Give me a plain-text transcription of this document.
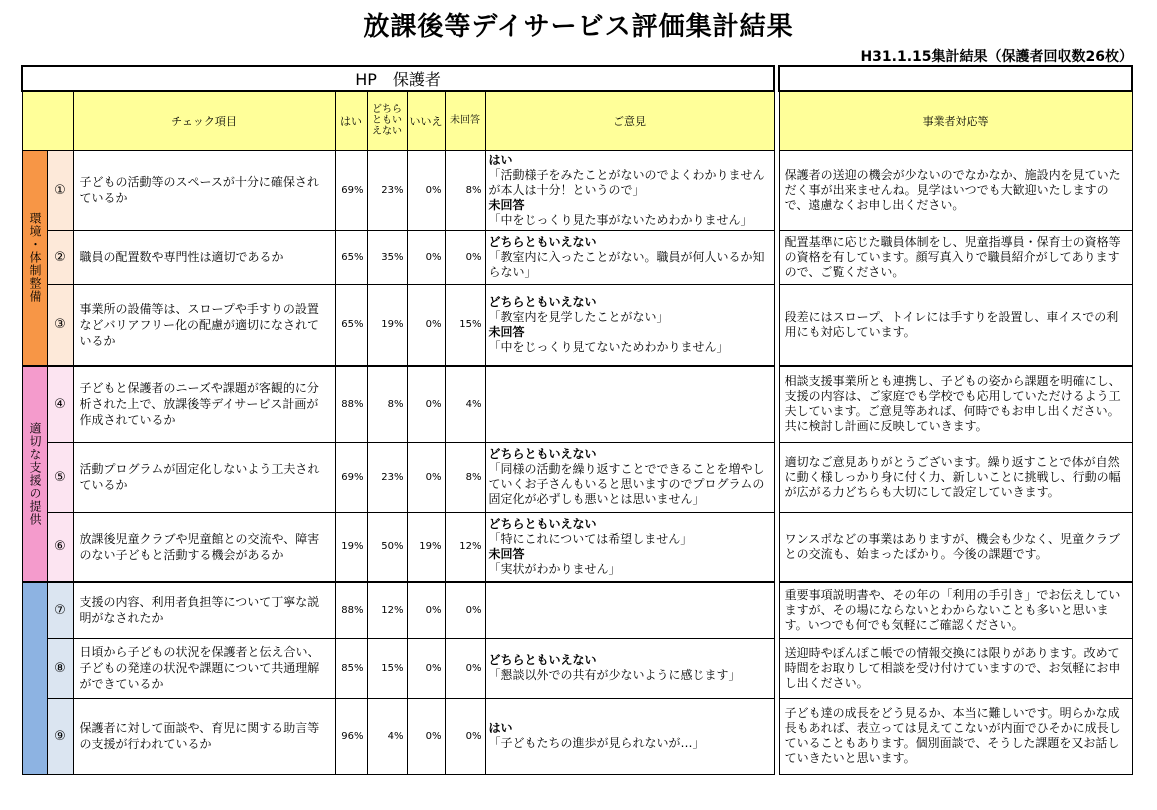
放課後等デイサービス評価集計結果
H31.1.15集計結果（保護者回収数26枚）
HP　保護者									
		チェック項目	はい	どちらともいえない	いいえ	未回答	ご意見		事業者対応等
環境・体制整備	①	子どもの活動等のスペースが十分に確保されているか	69%	23%	0%	8%	はい
「活動様子をみたことがないのでよくわかりませんが本人は十分！というので」
未回答
「中をじっくり見た事がないためわかりません」		保護者の送迎の機会が少ないのでなかなか、施設内を見ていただく事が出来ませんね。見学はいつでも大歓迎いたしますので、遠慮なくお申し出ください。
	②	職員の配置数や専門性は適切であるか	65%	35%	0%	0%	どちらともいえない
「教室内に入ったことがない。職員が何人いるか知らない」		配置基準に応じた職員体制をし、児童指導員・保育士の資格等の資格を有しています。顔写真入りで職員紹介がしてありますので、ご覧ください。
	③	事業所の設備等は、スロープや手すりの設置などバリアフリー化の配慮が適切になされているか	65%	19%	0%	15%	どちらともいえない
「教室内を見学したことがない」
未回答
「中をじっくり見てないためわかりません」		段差にはスロープ、トイレには手すりを設置し、車イスでの利用にも対応しています。
適切な支援の提供	④	子どもと保護者のニーズや課題が客観的に分析された上で、放課後等デイサービス計画が作成されているか	88%	8%	0%	4%			相談支援事業所とも連携し、子どもの姿から課題を明確にし、支援の内容は、ご家庭でも学校でも応用していただけるよう工夫しています。ご意見等あれば、何時でもお申し出ください。共に検討し計画に反映していきます。
	⑤	活動プログラムが固定化しないよう工夫されているか	69%	23%	0%	8%	どちらともいえない
「同様の活動を繰り返すことでできることを増やしていくお子さんもいると思いますのでプログラムの固定化が必ずしも悪いとは思いません」		適切なご意見ありがとうございます。繰り返すことで体が自然に動く様しっかり身に付く力、新しいことに挑戦し、行動の幅が広がる力どちらも大切にして設定していきます。
	⑥	放課後児童クラブや児童館との交流や、障害のない子どもと活動する機会があるか	19%	50%	19%	12%	どちらともいえない
「特にこれについては希望しません」
未回答
「実状がわかりません」		ワンスポなどの事業はありますが、機会も少なく、児童クラブとの交流も、始まったばかり。今後の課題です。
	⑦	支援の内容、利用者負担等について丁寧な説明がなされたか	88%	12%	0%	0%			重要事項説明書や、その年の「利用の手引き」でお伝えしていますが、その場にならないとわからないことも多いと思います。いつでも何でも気軽にご確認ください。
	⑧	日頃から子どもの状況を保護者と伝え合い、子どもの発達の状況や課題について共通理解ができているか	85%	15%	0%	0%	どちらともいえない
「懇談以外での共有が少ないように感じます」		送迎時やぽんぽこ帳での情報交換には限りがあります。改めて時間をお取りして相談を受け付けていますので、お気軽にお申し出ください。
	⑨	保護者に対して面談や、育児に関する助言等の支援が行われているか	96%	4%	0%	0%	はい
「子どもたちの進歩が見られないが…」		子ども達の成長をどう見るか、本当に難しいです。明らかな成長もあれば、表立っては見えてこないが内面でひそかに成長していることもあります。個別面談で、そうした課題を又お話していきたいと思います。
